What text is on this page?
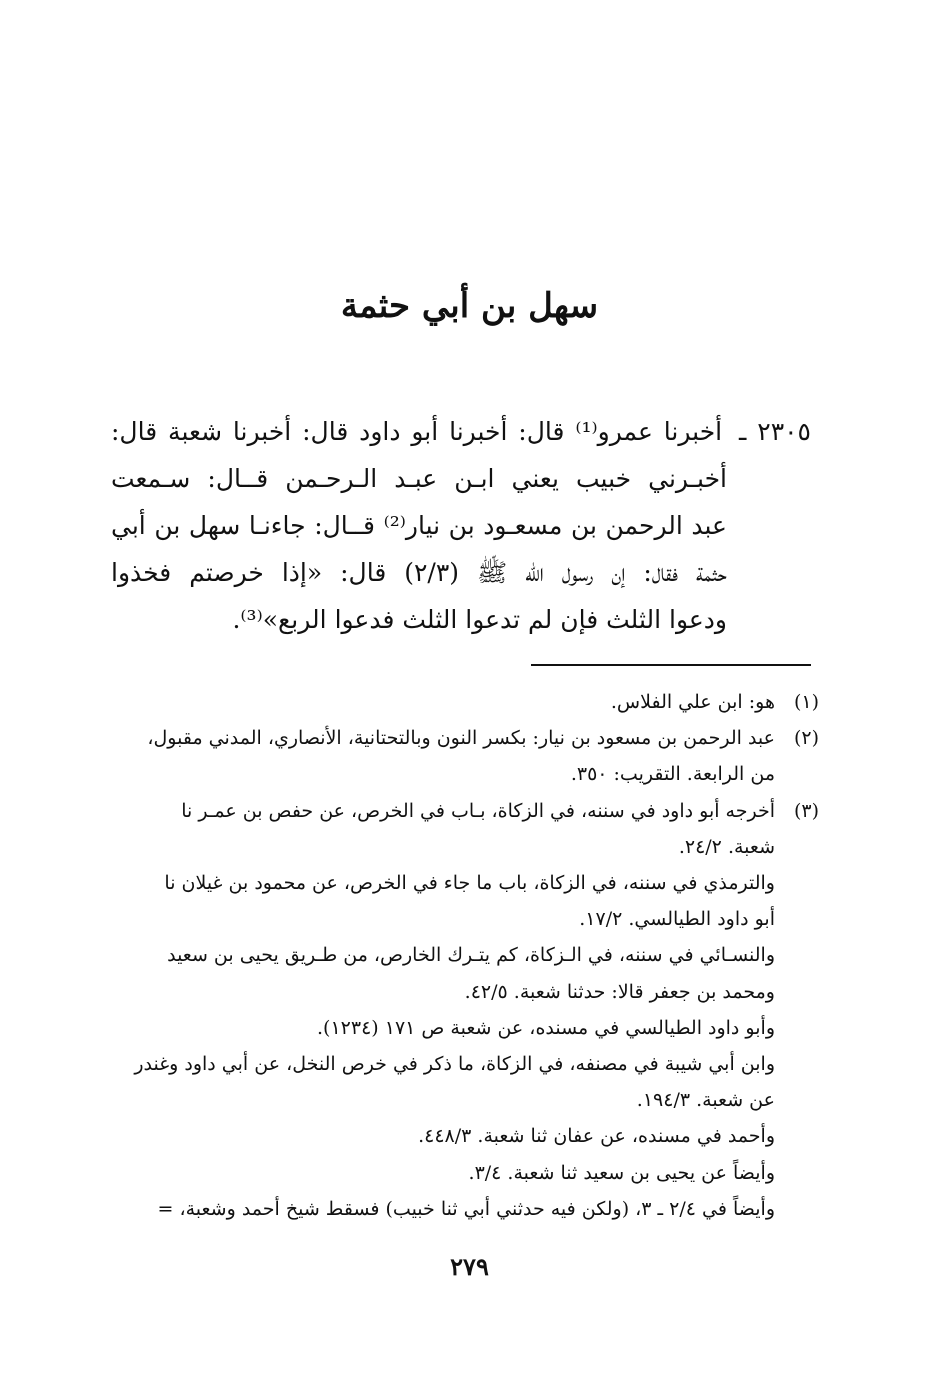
سهل بن أبي حثمة
٢٣٠٥ ـ أخبرنا عمرو⁽¹⁾ قال: أخبرنا أبو داود قال: أخبرنا شعبة قال:
أخبـرني خبيب يعني ابـن عبـد الـرحـمن قــال: سـمعت
عبد الرحمن بن مسعـود بن نيار⁽²⁾ قــال: جاءنـا سهل بن أبي
حثمة فقال: إن رسول الله ﷺ (٢/٣) قال: «إذا خرصتم فخذوا
ودعوا الثلث فإن لم تدعوا الثلث فدعوا الربع»⁽³⁾.
(١)هو: ابن علي الفلاس.
(٢)عبد الرحمن بن مسعود بن نيار: بكسر النون وبالتحتانية، الأنصاري، المدني مقبول،
من الرابعة. التقريب: ٣٥٠.
(٣)أخرجه أبو داود في سننه، في الزكاة، بـاب في الخرص، عن حفص بن عمـر نا
شعبة. ٢٤/٢.
والترمذي في سننه، في الزكاة، باب ما جاء في الخرص، عن محمود بن غيلان نا
أبو داود الطيالسي. ١٧/٢.
والنسـائي في سننه، في الـزكاة، كم يتـرك الخارص، من طـريق يحيى بن سعيد
ومحمد بن جعفر قالا: حدثنا شعبة. ٤٢/٥.
وأبو داود الطيالسي في مسنده، عن شعبة ص ١٧١ (١٢٣٤).
وابن أبي شيبة في مصنفه، في الزكاة، ما ذكر في خرص النخل، عن أبي داود وغندر
عن شعبة. ١٩٤/٣.
وأحمد في مسنده، عن عفان ثنا شعبة. ٤٤٨/٣.
وأيضاً عن يحيى بن سعيد ثنا شعبة. ٣/٤.
وأيضاً في ٢/٤ ـ ٣، (ولكن فيه حدثني أبي ثنا خبيب) فسقط شيخ أحمد وشعبة، =
٢٧٩
